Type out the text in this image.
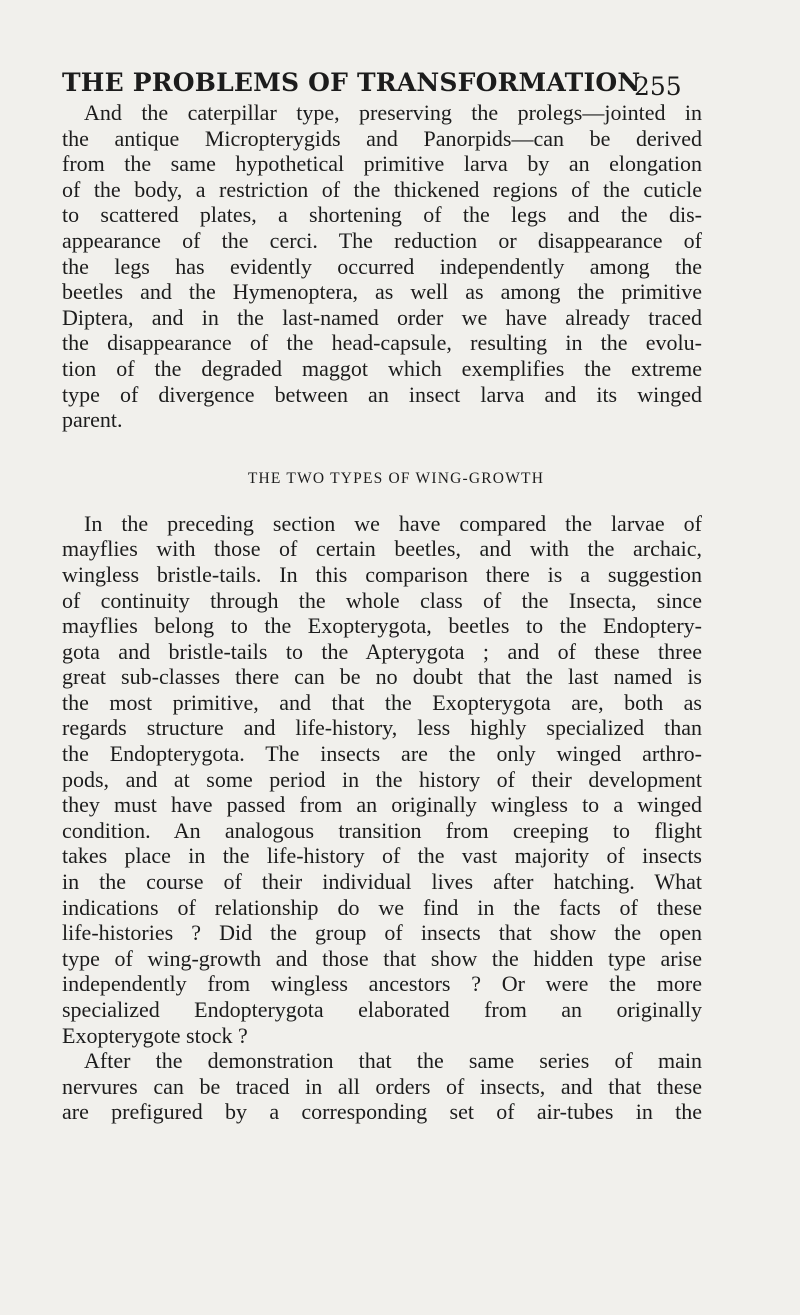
THE PROBLEMS OF TRANSFORMATION
255

And the caterpillar type, preserving the prolegs—jointed in
the antique Micropterygids and Panorpids—can be derived
from the same hypothetical primitive larva by an elongation
of the body, a restriction of the thickened regions of the cuticle
to scattered plates, a shortening of the legs and the dis-
appearance of the cerci. The reduction or disappearance of
the legs has evidently occurred independently among the
beetles and the Hymenoptera, as well as among the primitive
Diptera, and in the last-named order we have already traced
the disappearance of the head-capsule, resulting in the evolu-
tion of the degraded maggot which exemplifies the extreme
type of divergence between an insect larva and its winged
parent.

THE TWO TYPES OF WING-GROWTH

In the preceding section we have compared the larvae of
mayflies with those of certain beetles, and with the archaic,
wingless bristle-tails. In this comparison there is a suggestion
of continuity through the whole class of the Insecta, since
mayflies belong to the Exopterygota, beetles to the Endoptery-
gota and bristle-tails to the Apterygota ; and of these three
great sub-classes there can be no doubt that the last named is
the most primitive, and that the Exopterygota are, both as
regards structure and life-history, less highly specialized than
the Endopterygota. The insects are the only winged arthro-
pods, and at some period in the history of their development
they must have passed from an originally wingless to a winged
condition. An analogous transition from creeping to flight
takes place in the life-history of the vast majority of insects
in the course of their individual lives after hatching. What
indications of relationship do we find in the facts of these
life-histories ? Did the group of insects that show the open
type of wing-growth and those that show the hidden type arise
independently from wingless ancestors ? Or were the more
specialized Endopterygota elaborated from an originally
Exopterygote stock ?

After the demonstration that the same series of main
nervures can be traced in all orders of insects, and that these
are prefigured by a corresponding set of air-tubes in the
